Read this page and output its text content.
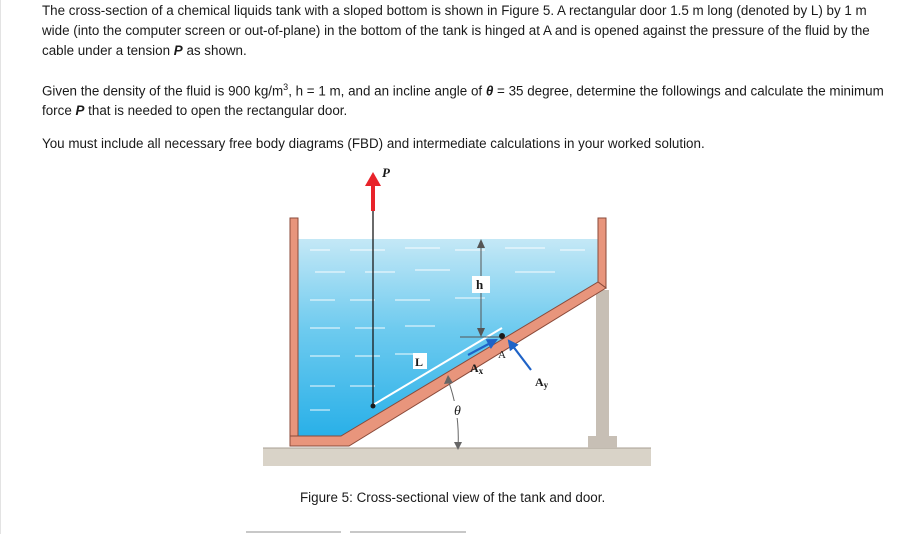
The cross-section of a chemical liquids tank with a sloped bottom is shown in Figure 5. A rectangular door 1.5 m long (denoted by L) by 1 m wide (into the computer screen or out-of-plane) in the bottom of the tank is hinged at A and is opened against the pressure of the fluid by the cable under a tension P as shown.

Given the density of the fluid is 900 $kg/m^3$, h = 1 m, and an incline angle of θ = 35 degree, determine the followings and calculate the minimum force P that is needed to open the rectangular door.

You must include all necessary free body diagrams (FBD) and intermediate calculations in your worked solution.

P
h
L	A
Ax
Ay
θ

Figure 5: Cross-sectional view of the tank and door.
